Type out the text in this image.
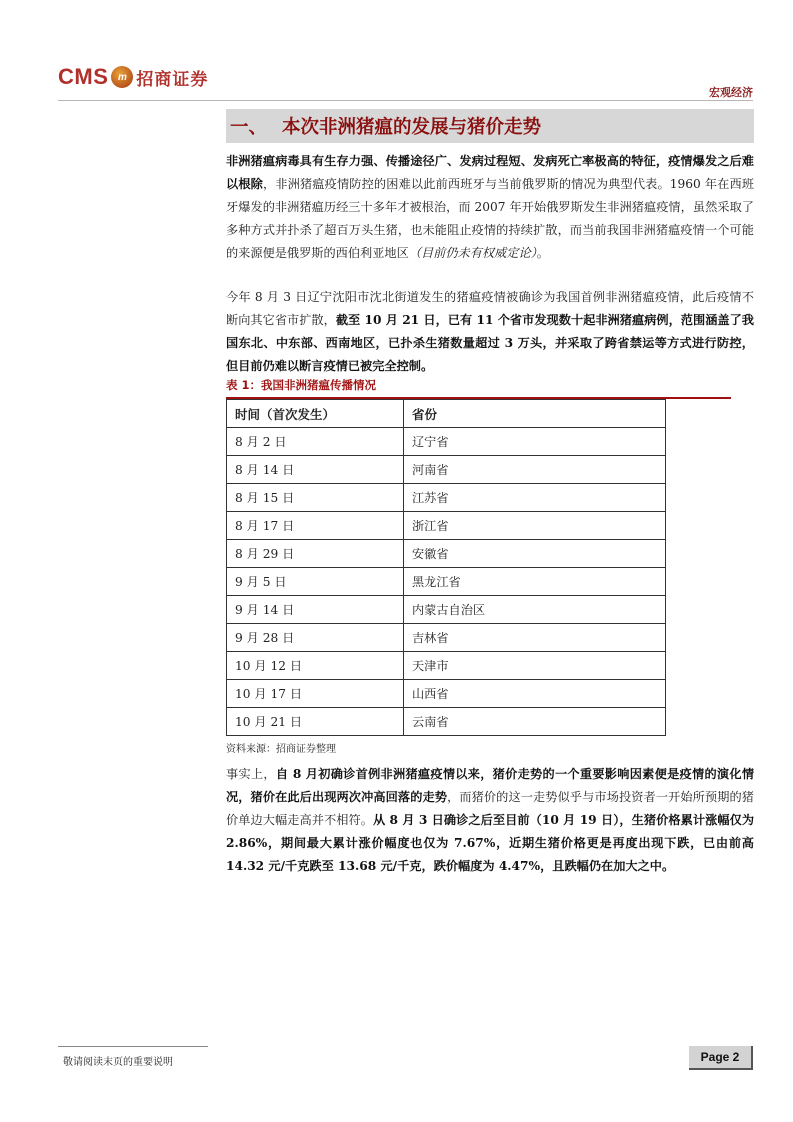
CMS m 招商证券
宏观经济
一、 本次非洲猪瘟的发展与猪价走势
非洲猪瘟病毒具有生存力强、传播途径广、发病过程短、发病死亡率极高的特征，疫情爆发之后难以根除，非洲猪瘟疫情防控的困难以此前西班牙与当前俄罗斯的情况为典型代表。1960 年在西班牙爆发的非洲猪瘟历经三十多年才被根治，而 2007 年开始俄罗斯发生非洲猪瘟疫情，虽然采取了多种方式并扑杀了超百万头生猪，也未能阻止疫情的持续扩散，而当前我国非洲猪瘟疫情一个可能的来源便是俄罗斯的西伯利亚地区（目前仍未有权威定论）。
今年 8 月 3 日辽宁沈阳市沈北街道发生的猪瘟疫情被确诊为我国首例非洲猪瘟疫情，此后疫情不断向其它省市扩散，截至 10 月 21 日，已有 11 个省市发现数十起非洲猪瘟病例，范围涵盖了我国东北、中东部、西南地区，已扑杀生猪数量超过 3 万头，并采取了跨省禁运等方式进行防控，但目前仍难以断言疫情已被完全控制。
表 1：我国非洲猪瘟传播情况
时间（首次发生）	省份
8 月 2 日	辽宁省
8 月 14 日	河南省
8 月 15 日	江苏省
8 月 17 日	浙江省
8 月 29 日	安徽省
9 月 5 日	黑龙江省
9 月 14 日	内蒙古自治区
9 月 28 日	吉林省
10 月 12 日	天津市
10 月 17 日	山西省
10 月 21 日	云南省
资料来源：招商证券整理
事实上，自 8 月初确诊首例非洲猪瘟疫情以来，猪价走势的一个重要影响因素便是疫情的演化情况，猪价在此后出现两次冲高回落的走势，而猪价的这一走势似乎与市场投资者一开始所预期的猪价单边大幅走高并不相符。从 8 月 3 日确诊之后至目前（10 月 19 日），生猪价格累计涨幅仅为 2.86%，期间最大累计涨价幅度也仅为 7.67%，近期生猪价格更是再度出现下跌，已由前高 14.32 元/千克跌至 13.68 元/千克，跌价幅度为 4.47%，且跌幅仍在加大之中。
敬请阅读末页的重要说明	Page 2
